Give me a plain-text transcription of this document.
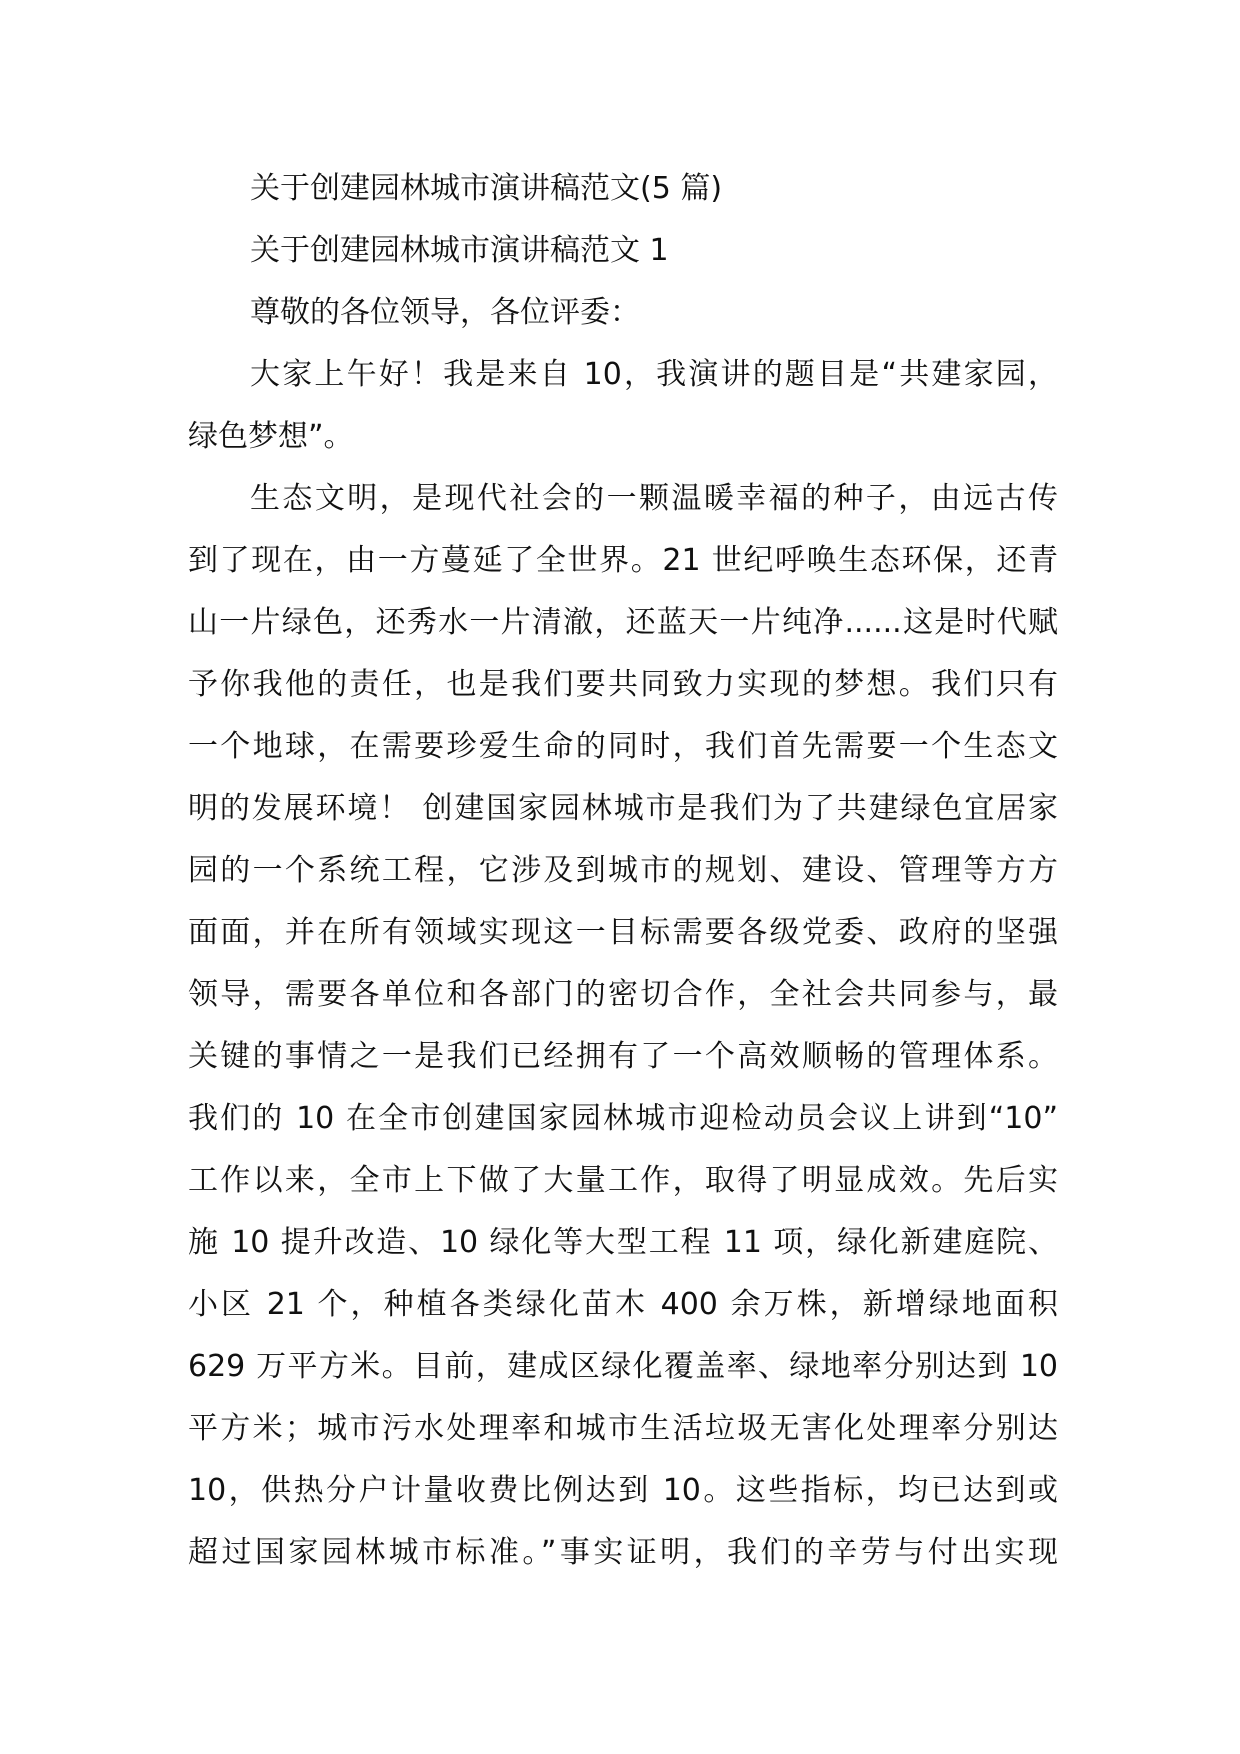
关于创建园林城市演讲稿范文(5 篇)
关于创建园林城市演讲稿范文 1
尊敬的各位领导，各位评委：
大家上午好！我是来自 10，我演讲的题目是“共建家园，
绿色梦想”。
生态文明，是现代社会的一颗温暖幸福的种子，由远古传
到了现在，由一方蔓延了全世界。21 世纪呼唤生态环保，还青
山一片绿色，还秀水一片清澈，还蓝天一片纯净......这是时代赋
予你我他的责任，也是我们要共同致力实现的梦想。我们只有
一个地球，在需要珍爱生命的同时，我们首先需要一个生态文
明的发展环境！ 创建国家园林城市是我们为了共建绿色宜居家
园的一个系统工程，它涉及到城市的规划、建设、管理等方方
面面，并在所有领域实现这一目标需要各级党委、政府的坚强
领导，需要各单位和各部门的密切合作，全社会共同参与，最
关键的事情之一是我们已经拥有了一个高效顺畅的管理体系。
我们的 10 在全市创建国家园林城市迎检动员会议上讲到“10”
工作以来，全市上下做了大量工作，取得了明显成效。先后实
施 10 提升改造、10 绿化等大型工程 11 项，绿化新建庭院、
小区 21 个，种植各类绿化苗木 400 余万株，新增绿地面积
629 万平方米。目前，建成区绿化覆盖率、绿地率分别达到 10
平方米；城市污水处理率和城市生活垃圾无害化处理率分别达
10，供热分户计量收费比例达到 10。这些指标，均已达到或
超过国家园林城市标准。”事实证明，我们的辛劳与付出实现
